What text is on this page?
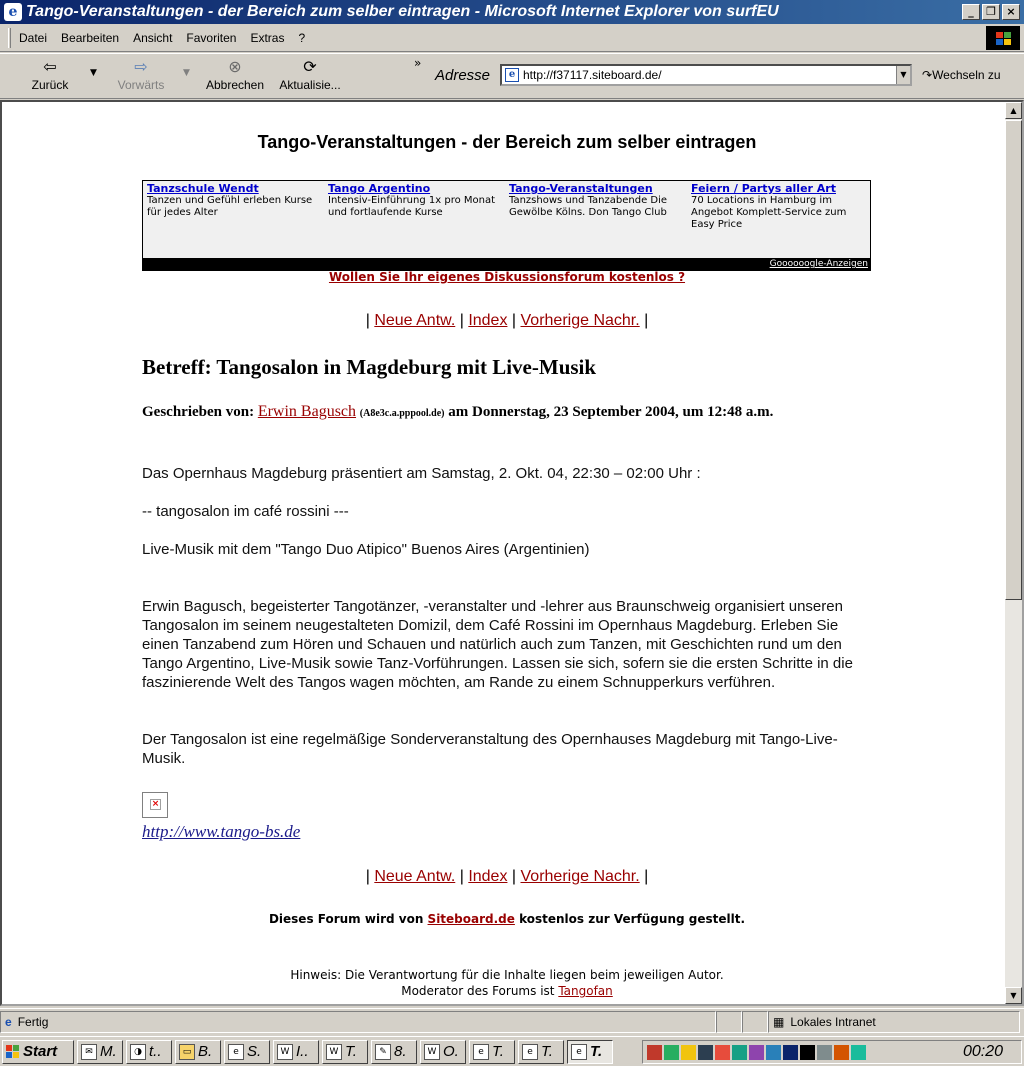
e Tango-Veranstaltungen - der Bereich zum selber eintragen - Microsoft Internet Explorer von surfEU	_	❐ ×
Datei Bearbeiten Ansicht Favoriten Extras ?
⇦
Zurück
▼	⇨
Vorwärts
▼	⊗
Abbrechen
⟳
Aktualisie...
»
Adresse	e http://f37117.siteboard.de/	▼ ↷Wechseln zu
Tango-Veranstaltungen - der Bereich zum selber eintragen
Tanzschule Wendt
Tanzen und Gefühl erleben Kurse für jedes Alter
Tango Argentino
Intensiv-Einführung 1x pro Monat und fortlaufende Kurse
Tango-Veranstaltungen
Tanzshows und Tanzabende Die Gewölbe Kölns. Don Tango Club
Feiern / Partys aller Art
70 Locations in Hamburg im Angebot Komplett-Service zum Easy Price
Goooooogle-Anzeigen
Wollen Sie Ihr eigenes Diskussionsforum kostenlos ?
| Neue Antw. | Index | Vorherige Nachr. |
Betreff: Tangosalon in Magdeburg mit Live-Musik
Geschrieben von: Erwin Bagusch (A8e3c.a.pppool.de) am Donnerstag, 23 September 2004, um 12:48 a.m.
Das Opernhaus Magdeburg präsentiert am Samstag, 2. Okt. 04, 22:30 – 02:00 Uhr :
-- tangosalon im café rossini ---
Live-Musik mit dem "Tango Duo Atipico" Buenos Aires (Argentinien)
Erwin Bagusch, begeisterter Tangotänzer, -veranstalter und -lehrer aus Braunschweig organisiert unseren Tangosalon im seinem neugestalteten Domizil, dem Café Rossini im Opernhaus Magdeburg. Erleben Sie einen Tanzabend zum Hören und Schauen und natürlich auch zum Tanzen, mit Geschichten rund um den Tango Argentino, Live-Musik sowie Tanz-Vorführungen. Lassen sie sich, sofern sie die ersten Schritte in die faszinierende Welt des Tangos wagen möchten, am Rande zu einem Schnupperkurs verführen.
Der Tangosalon ist eine regelmäßige Sonderveranstaltung des Opernhauses Magdeburg mit Tango-Live-Musik.
×
http://www.tango-bs.de
| Neue Antw. | Index | Vorherige Nachr. |
Dieses Forum wird von Siteboard.de kostenlos zur Verfügung gestellt.
Hinweis: Die Verantwortung für die Inhalte liegen beim jeweiligen Autor.
Moderator des Forums ist Tangofan
▲
▼
e Fertig	▦ Lokales Intranet
Start	✉ M.	◑ t..	▭ B.	e S.	W I..	W T.	✎ 8.	W O.	e T.	e T.	e T.	00:20
